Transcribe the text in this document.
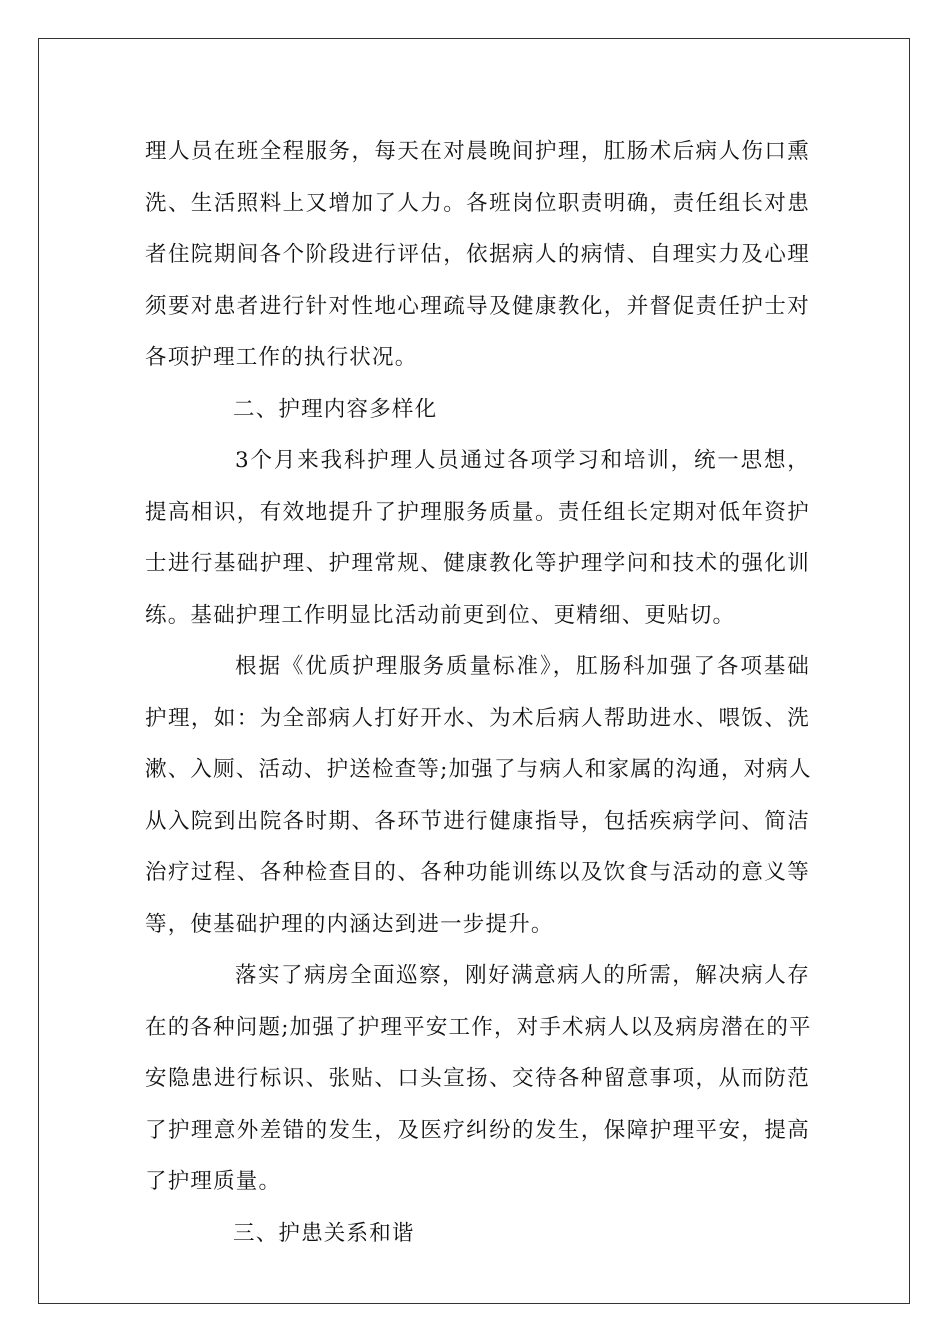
理人员在班全程服务，每天在对晨晚间护理，肛肠术后病人伤口熏
洗、生活照料上又增加了人力。各班岗位职责明确，责任组长对患
者住院期间各个阶段进行评估，依据病人的病情、自理实力及心理
须要对患者进行针对性地心理疏导及健康教化，并督促责任护士对
各项护理工作的执行状况。
二、护理内容多样化
3个月来我科护理人员通过各项学习和培训，统一思想，
提高相识，有效地提升了护理服务质量。责任组长定期对低年资护
士进行基础护理、护理常规、健康教化等护理学问和技术的强化训
练。基础护理工作明显比活动前更到位、更精细、更贴切。
根据《优质护理服务质量标准》，肛肠科加强了各项基础
护理，如：为全部病人打好开水、为术后病人帮助进水、喂饭、洗
漱、入厕、活动、护送检查等;加强了与病人和家属的沟通，对病人
从入院到出院各时期、各环节进行健康指导，包括疾病学问、简洁
治疗过程、各种检查目的、各种功能训练以及饮食与活动的意义等
等，使基础护理的内涵达到进一步提升。
落实了病房全面巡察，刚好满意病人的所需，解决病人存
在的各种问题;加强了护理平安工作，对手术病人以及病房潜在的平
安隐患进行标识、张贴、口头宣扬、交待各种留意事项，从而防范
了护理意外差错的发生，及医疗纠纷的发生，保障护理平安，提高
了护理质量。
三、护患关系和谐
